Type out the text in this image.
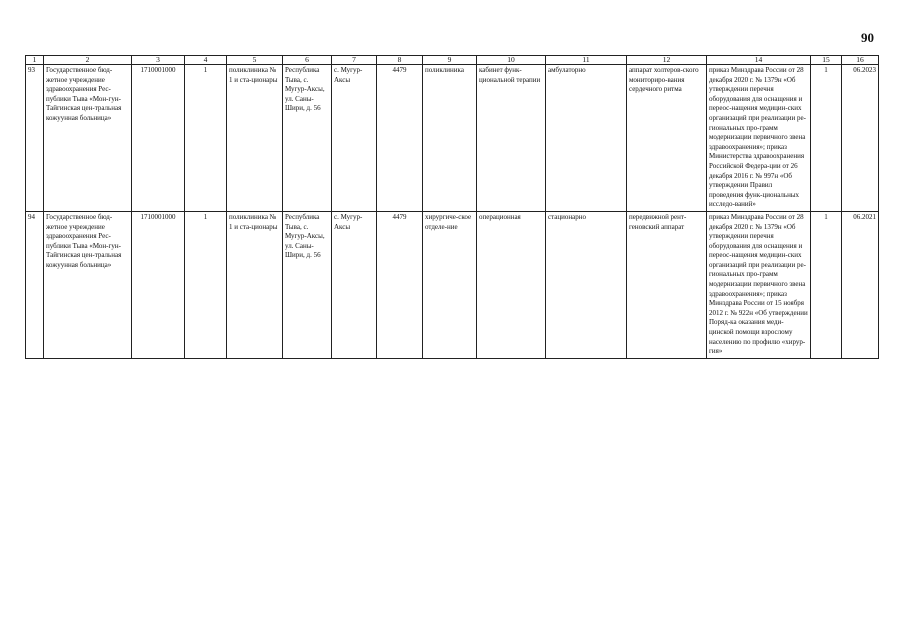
90
1	2	3	4	5	6	7	8	9	10	11	12	14	15	16
93	Государственное бюд-жетное учреждение здравоохранения Рес-публики Тыва «Мон-гун-Тайгинская цен-тральная кожуунная больница»	1710001000	1	поликлиника № 1 и ста-ционары	Республика Тыва, с. Мугур-Аксы, ул. Саны-Шири, д. 56	с. Мугур-Аксы	4479	поликлиника	кабинет функ-циональной терапии	амбулаторно	аппарат холтеров-ского мониториро-вания сердечного ритма	приказ Минздрава России от 28 декабря 2020 г. № 1379н «Об утверждении перечня оборудования для оснащения и переос-нащения медицин-ских организаций при реализации ре-гиональных про-грамм модернизации первичного звена здравоохранения»; приказ Министерства здравоохранения Российской Федера-ции от 26 декабря 2016 г. № 997н «Об утверждении Правил проведения функ-циональных исследо-ваний»	1	06.2023
94	Государственное бюд-жетное учреждение здравоохранения Рес-публики Тыва «Мон-гун-Тайгинская цен-тральная кожуунная больница»	1710001000	1	поликлиника № 1 и ста-ционары	Республика Тыва, с. Мугур-Аксы, ул. Саны-Шири, д. 56	с. Мугур-Аксы	4479	хирургиче-ское отделе-ние	операционная	стационарно	передвижной рент-геновский аппарат	приказ Минздрава России от 28 декабря 2020 г. № 1379н «Об утверждении перечня оборудования для оснащения и переос-нащения медицин-ских организаций при реализации ре-гиональных про-грамм модернизации первичного звена здравоохранения»; приказ Минздрава России от 15 ноября 2012 г. № 922н «Об утверждении Поряд-ка оказания меди-цинской помощи взрослому населению по профилю «хирур-гия»	1	06.2021
